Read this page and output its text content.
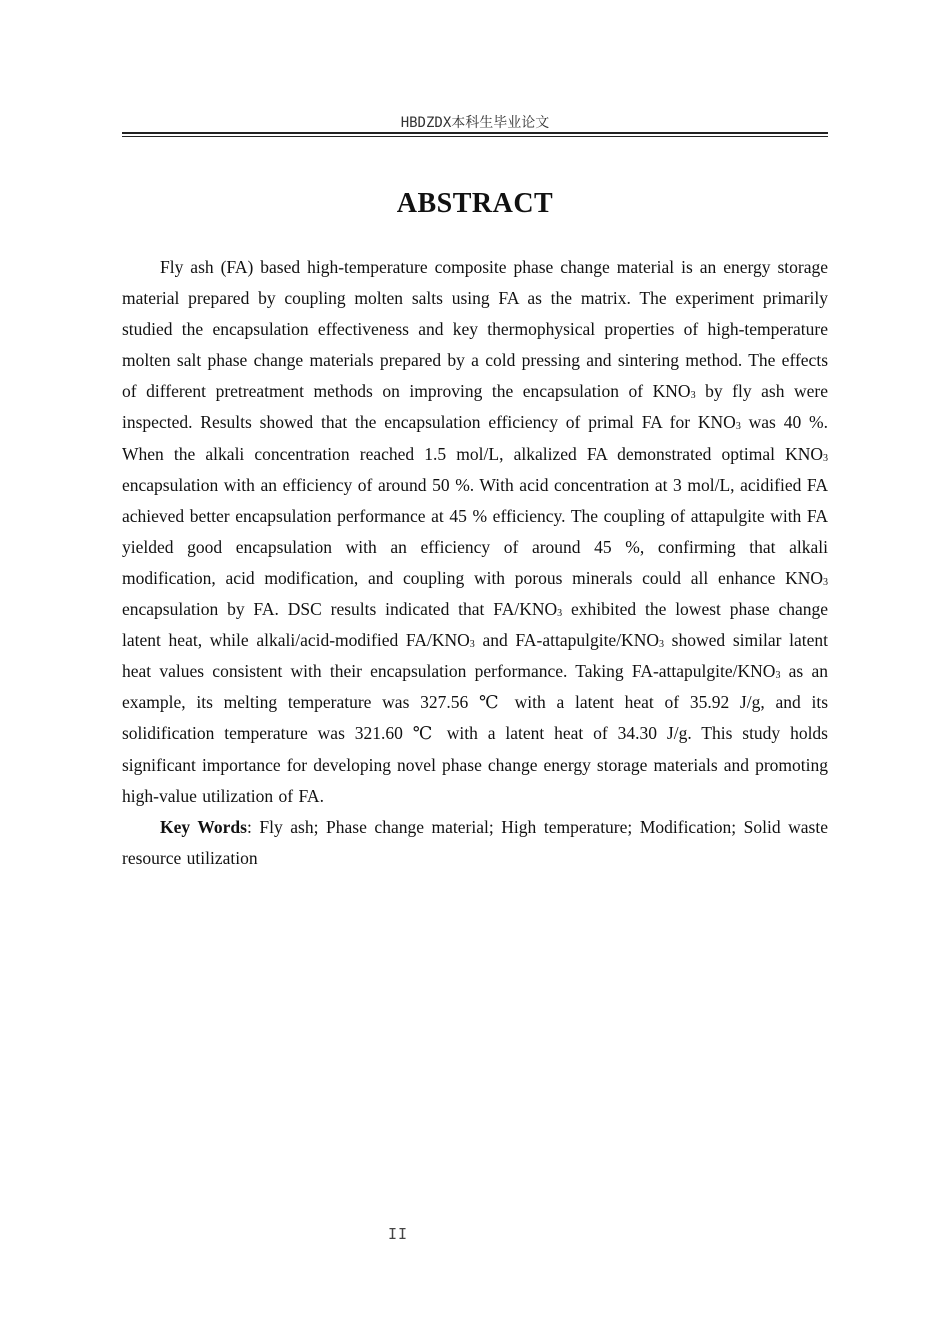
HBDZDX本科生毕业论文
ABSTRACT

Fly ash (FA) based high-temperature composite phase change material is an energy storage material prepared by coupling molten salts using FA as the matrix. The experiment primarily studied the encapsulation effectiveness and key thermophysical properties of high-temperature molten salt phase change materials prepared by a cold pressing and sintering method. The effects of different pretreatment methods on improving the encapsulation of $KNO_3$ by fly ash were inspected. Results showed that the encapsulation efficiency of primal FA for $KNO_3$ was 40 %. When the alkali concentration reached 1.5 mol/L, alkalized FA demonstrated optimal $KNO_3$ encapsulation with an efficiency of around 50 %. With acid concentration at 3 mol/L, acidified FA achieved better encapsulation performance at 45 % efficiency. The coupling of attapulgite with FA yielded good encapsulation with an efficiency of around 45 %, confirming that alkali modification, acid modification, and coupling with porous minerals could all enhance $KNO_3$ encapsulation by FA. DSC results indicated that $FA/KNO_3$ exhibited the lowest phase change latent heat, while alkali/acid-modified $FA/KNO_3$ and $FA-attapulgite/KNO_3$ showed similar latent heat values consistent with their encapsulation performance. Taking $FA-attapulgite/KNO_3$ as an example, its melting temperature was 327.56 ℃ with a latent heat of 35.92 J/g, and its solidification temperature was 321.60 ℃ with a latent heat of 34.30 J/g. This study holds significant importance for developing novel phase change energy storage materials and promoting high-value utilization of FA.

Key Words: Fly ash; Phase change material; High temperature; Modification; Solid waste resource utilization

II
